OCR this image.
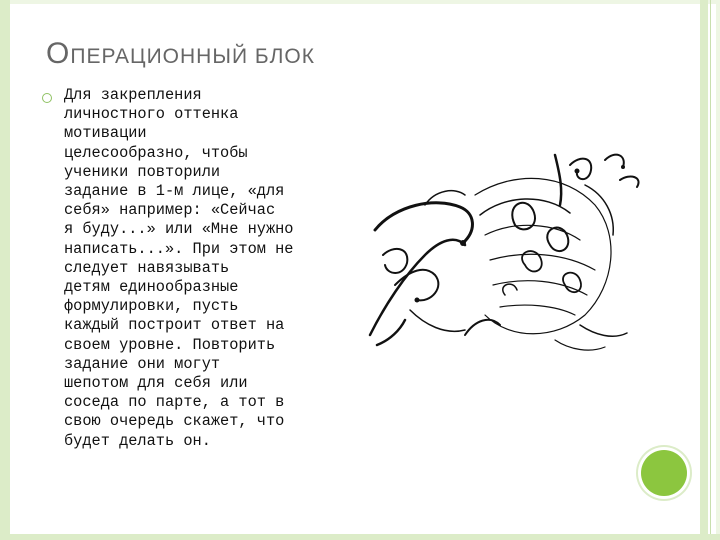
ОПЕРАЦИОННЫЙ БЛОК

Для закрепления
личностного оттенка
мотивации
целесообразно, чтобы
ученики повторили
задание в 1-м лице, «для
себя» например: «Сейчас
я буду...» или «Мне нужно
написать...». При этом не
следует навязывать
детям единообразные
формулировки, пусть
каждый построит ответ на
своем уровне. Повторить
задание они могут
шепотом для себя или
соседа по парте, а тот в
свою очередь скажет, что
будет делать он.
